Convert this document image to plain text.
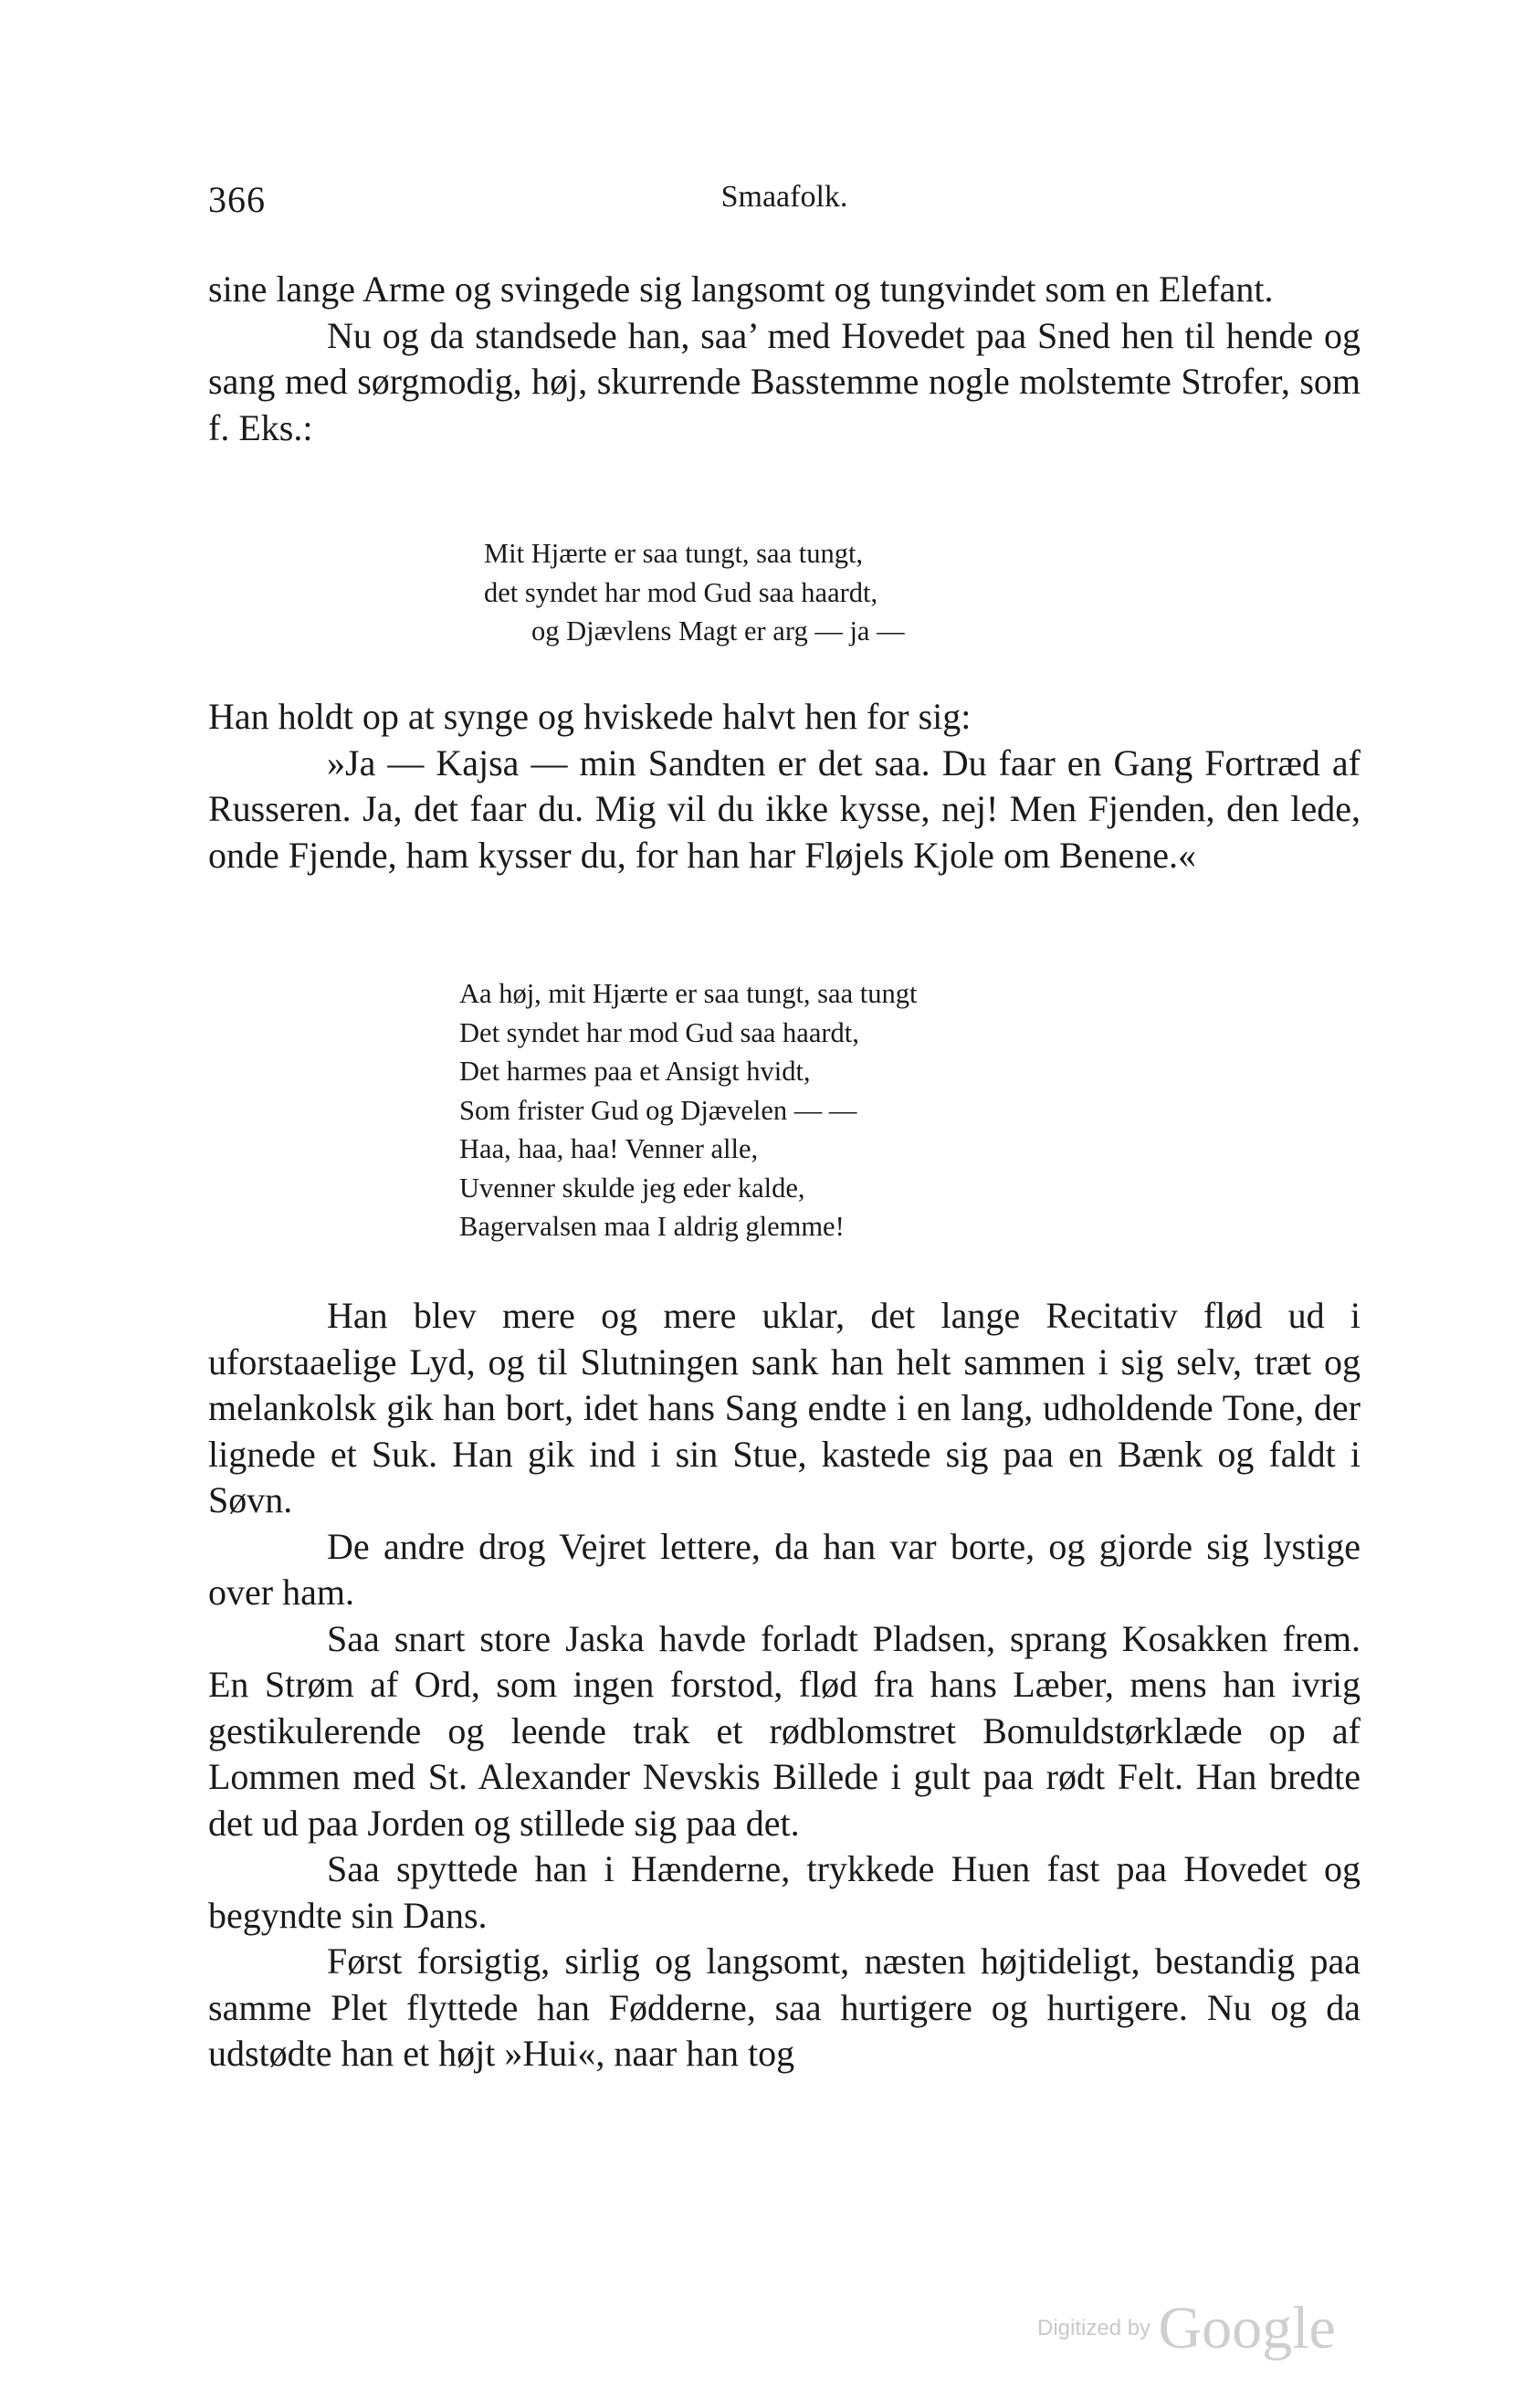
366	Smaafolk.

sine lange Arme og svingede sig langsomt og tungvindet som en Elefant.

Nu og da standsede han, saa’ med Hovedet paa Sned hen til hende og sang med sørgmodig, høj, skurrende Basstemme nogle molstemte Strofer, som f. Eks.:

Mit Hjærte er saa tungt, saa tungt,
det syndet har mod Gud saa haardt,
og Djævlens Magt er arg — ja —

Han holdt op at synge og hviskede halvt hen for sig:

»Ja — Kajsa — min Sandten er det saa. Du faar en Gang Fortræd af Russeren. Ja, det faar du. Mig vil du ikke kysse, nej! Men Fjenden, den lede, onde Fjende, ham kysser du, for han har Fløjels Kjole om Benene.«

Aa høj, mit Hjærte er saa tungt, saa tungt
Det syndet har mod Gud saa haardt,
Det harmes paa et Ansigt hvidt,
Som frister Gud og Djævelen — —
Haa, haa, haa! Venner alle,
Uvenner skulde jeg eder kalde,
Bagervalsen maa I aldrig glemme!

Han blev mere og mere uklar, det lange Recitativ flød ud i uforstaaelige Lyd, og til Slutningen sank han helt sammen i sig selv, træt og melankolsk gik han bort, idet hans Sang endte i en lang, udholdende Tone, der lignede et Suk. Han gik ind i sin Stue, kastede sig paa en Bænk og faldt i Søvn.

De andre drog Vejret lettere, da han var borte, og gjorde sig lystige over ham.

Saa snart store Jaska havde forladt Pladsen, sprang Kosakken frem. En Strøm af Ord, som ingen forstod, flød fra hans Læber, mens han ivrig gestikulerende og leende trak et rødblomstret Bomuldstørklæde op af Lommen med St. Alexander Nevskis Billede i gult paa rødt Felt. Han bredte det ud paa Jorden og stillede sig paa det.

Saa spyttede han i Hænderne, trykkede Huen fast paa Hovedet og begyndte sin Dans.

Først forsigtig, sirlig og langsomt, næsten højtideligt, bestandig paa samme Plet flyttede han Fødderne, saa hurtigere og hurtigere. Nu og da udstødte han et højt »Hui«, naar han tog

Digitized by Google
